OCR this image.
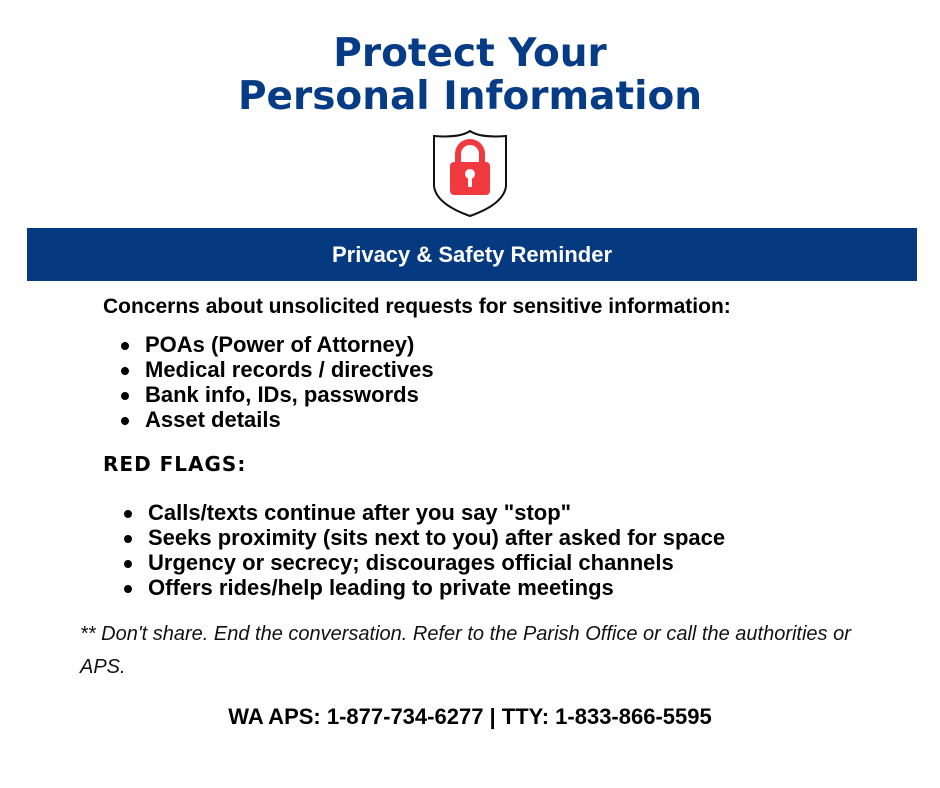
Protect Your
Personal Information
Privacy & Safety Reminder
Concerns about unsolicited requests for sensitive information:
POAs (Power of Attorney)
Medical records / directives
Bank info, IDs, passwords
Asset details
RED FLAGS:
Calls/texts continue after you say "stop"
Seeks proximity (sits next to you) after asked for space
Urgency or secrecy; discourages official channels
Offers rides/help leading to private meetings
** Don't share. End the conversation. Refer to the Parish Office or call the authorities or APS.
WA APS: 1-877-734-6277 | TTY: 1-833-866-5595
